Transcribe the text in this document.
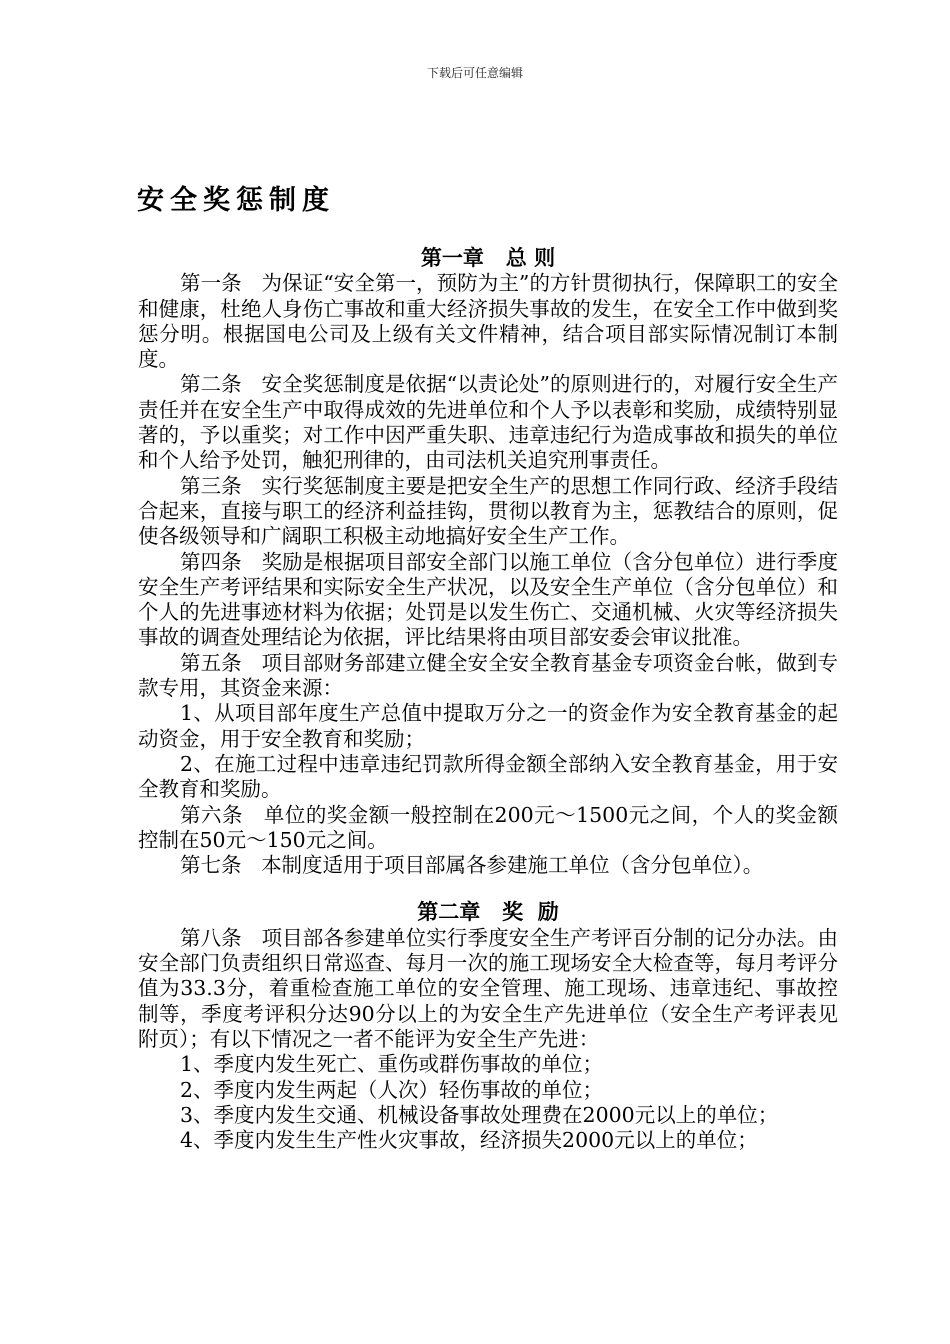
下载后可任意编辑
安全奖惩制度
第一章   总 则

第一条   为保证“安全第一，预防为主”的方针贯彻执行，保障职工的安全和健康，杜绝人身伤亡事故和重大经济损失事故的发生，在安全工作中做到奖惩分明。根据国电公司及上级有关文件精神，结合项目部实际情况制订本制度。

第二条   安全奖惩制度是依据“以责论处”的原则进行的，对履行安全生产责任并在安全生产中取得成效的先进单位和个人予以表彰和奖励，成绩特别显著的，予以重奖；对工作中因严重失职、违章违纪行为造成事故和损失的单位和个人给予处罚，触犯刑律的，由司法机关追究刑事责任。

第三条   实行奖惩制度主要是把安全生产的思想工作同行政、经济手段结合起来，直接与职工的经济利益挂钩，贯彻以教育为主，惩教结合的原则，促使各级领导和广阔职工积极主动地搞好安全生产工作。

第四条   奖励是根据项目部安全部门以施工单位（含分包单位）进行季度安全生产考评结果和实际安全生产状况，以及安全生产单位（含分包单位）和个人的先进事迹材料为依据；处罚是以发生伤亡、交通机械、火灾等经济损失事故的调查处理结论为依据，评比结果将由项目部安委会审议批准。

第五条   项目部财务部建立健全安全安全教育基金专项资金台帐，做到专款专用，其资金来源：

1、从项目部年度生产总值中提取万分之一的资金作为安全教育基金的起动资金，用于安全教育和奖励；

2、在施工过程中违章违纪罚款所得金额全部纳入安全教育基金，用于安全教育和奖励。

第六条   单位的奖金额一般控制在200元～1500元之间，个人的奖金额控制在50元～150元之间。

第七条   本制度适用于项目部属各参建施工单位（含分包单位）。

第二章   奖  励

第八条   项目部各参建单位实行季度安全生产考评百分制的记分办法。由安全部门负责组织日常巡查、每月一次的施工现场安全大检查等，每月考评分值为33.3分，着重检查施工单位的安全管理、施工现场、违章违纪、事故控制等，季度考评积分达90分以上的为安全生产先进单位（安全生产考评表见附页）；有以下情况之一者不能评为安全生产先进：

1、季度内发生死亡、重伤或群伤事故的单位；

2、季度内发生两起（人次）轻伤事故的单位；

3、季度内发生交通、机械设备事故处理费在2000元以上的单位；

4、季度内发生生产性火灾事故，经济损失2000元以上的单位；
